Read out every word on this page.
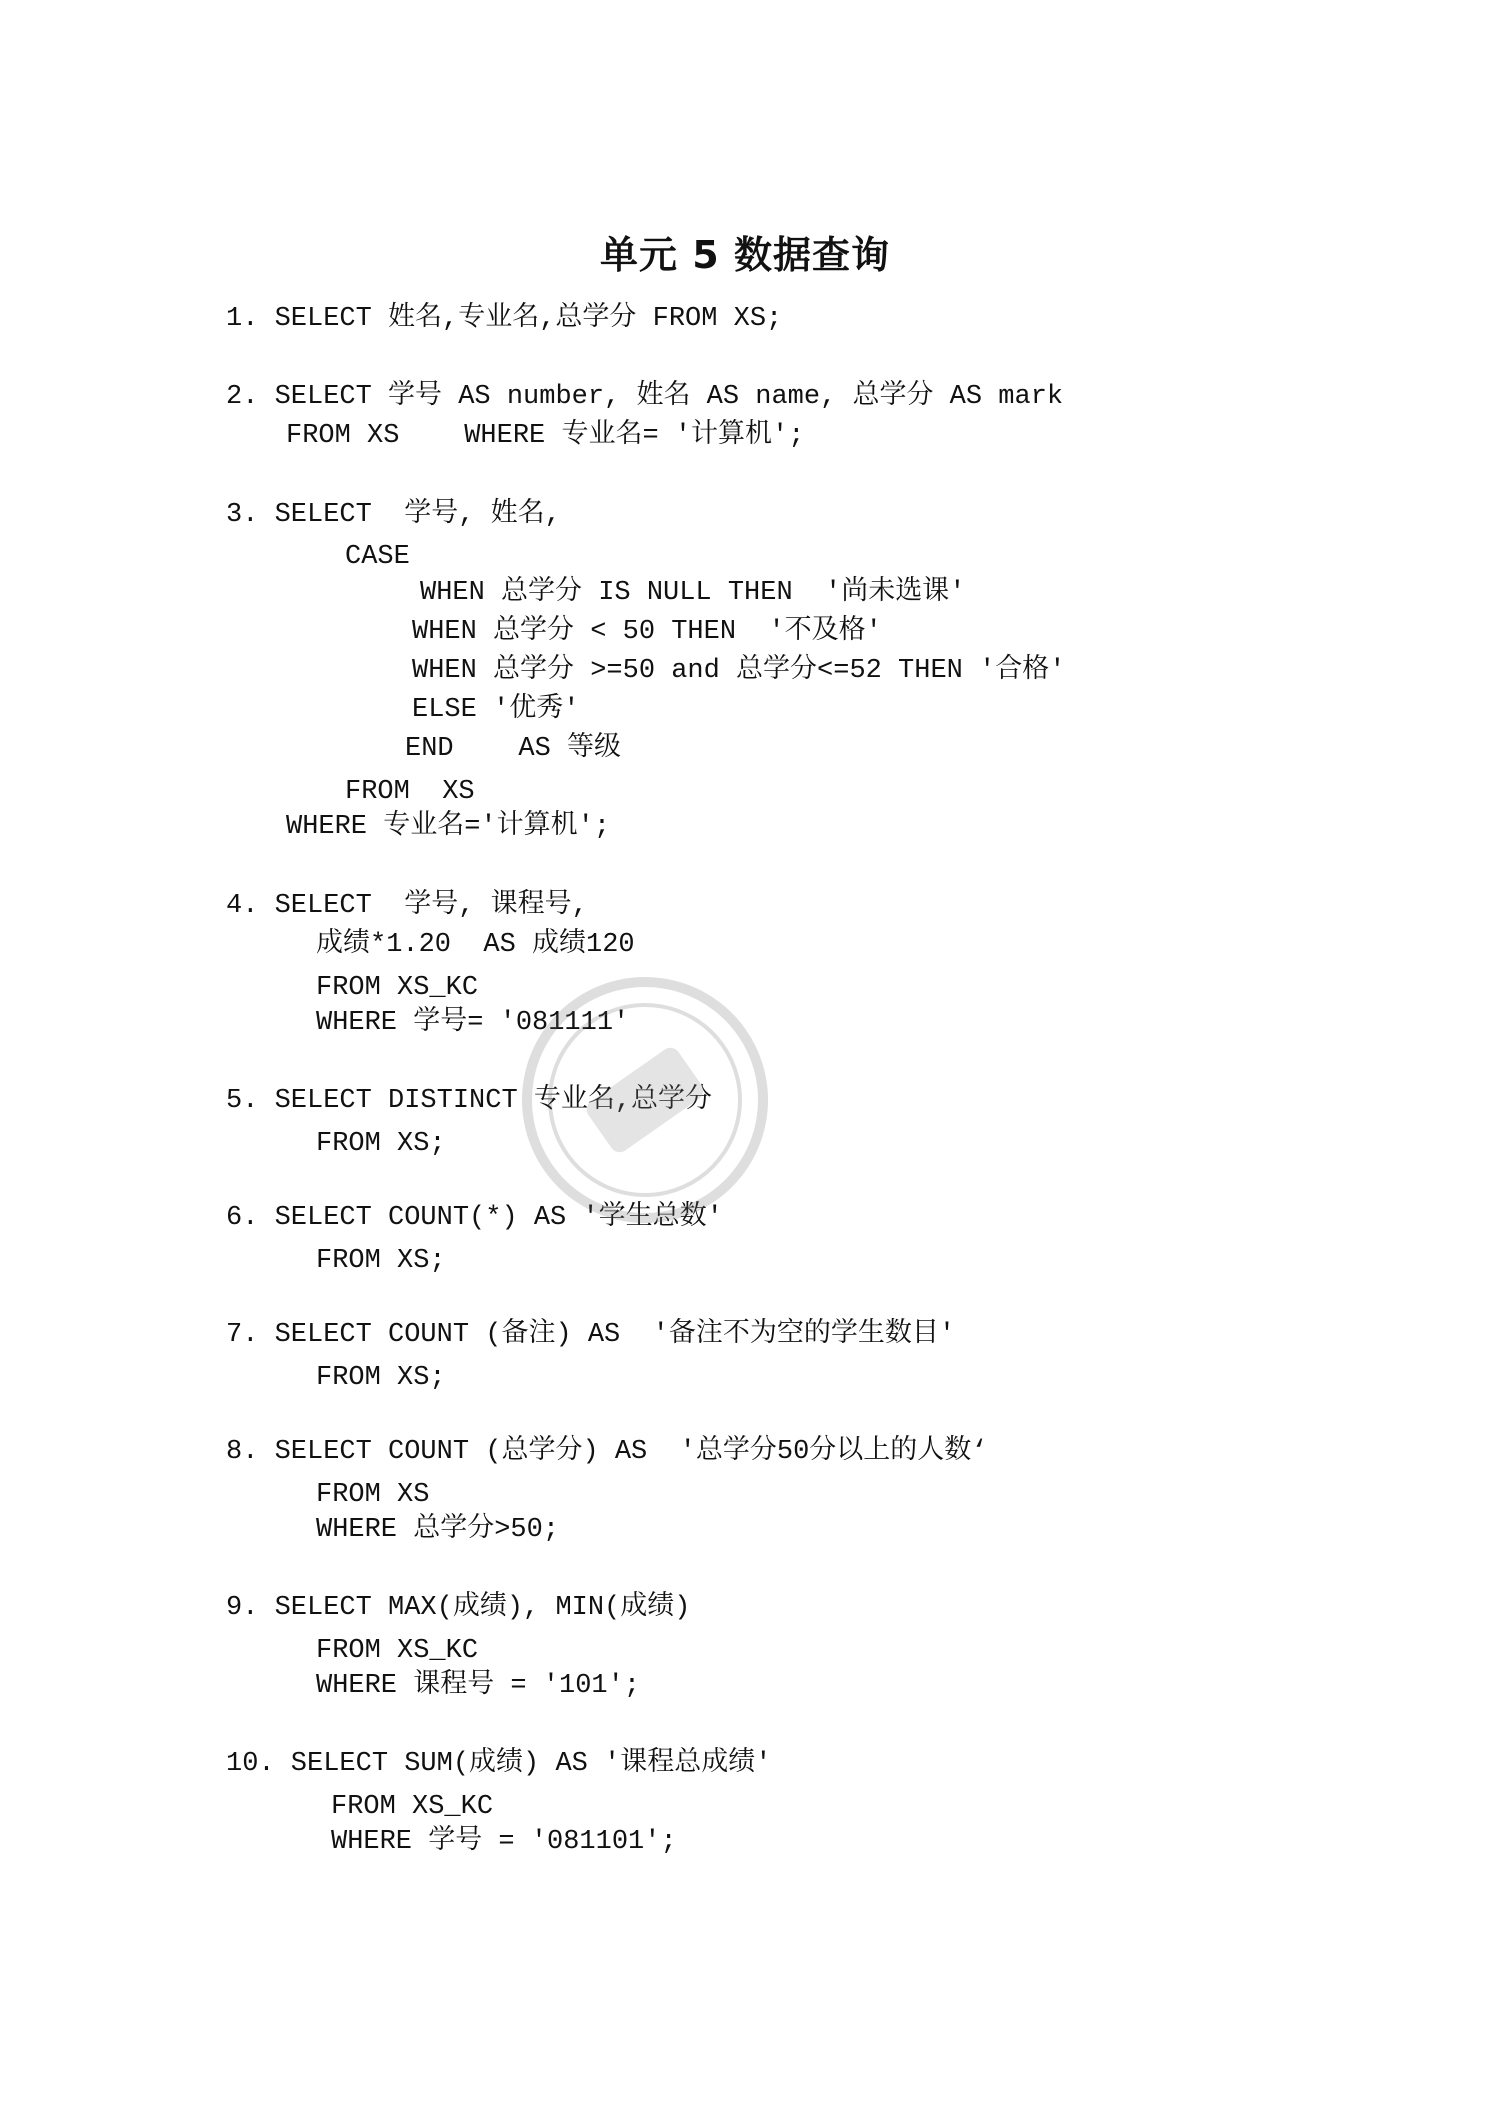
单元 5 数据查询
1. SELECT 姓名,专业名,总学分 FROM XS;
2. SELECT 学号 AS number, 姓名 AS name, 总学分 AS mark
FROM XS    WHERE 专业名= '计算机';
3. SELECT  学号, 姓名,
CASE
WHEN 总学分 IS NULL THEN  '尚未选课'
WHEN 总学分 < 50 THEN  '不及格'
WHEN 总学分 >=50 and 总学分<=52 THEN '合格'
ELSE '优秀'
END    AS 等级
FROM  XS
WHERE 专业名='计算机';
4. SELECT  学号, 课程号,
成绩*1.20  AS 成绩120
FROM XS_KC
WHERE 学号= '081111'
5. SELECT DISTINCT 专业名,总学分
FROM XS;
6. SELECT COUNT(*) AS '学生总数'
FROM XS;
7. SELECT COUNT (备注) AS  '备注不为空的学生数目'
FROM XS;
8. SELECT COUNT (总学分) AS  '总学分50分以上的人数‘
FROM XS
WHERE 总学分>50;
9. SELECT MAX(成绩), MIN(成绩)
FROM XS_KC
WHERE 课程号 = '101';
10. SELECT SUM(成绩) AS '课程总成绩'
FROM XS_KC
WHERE 学号 = '081101';
